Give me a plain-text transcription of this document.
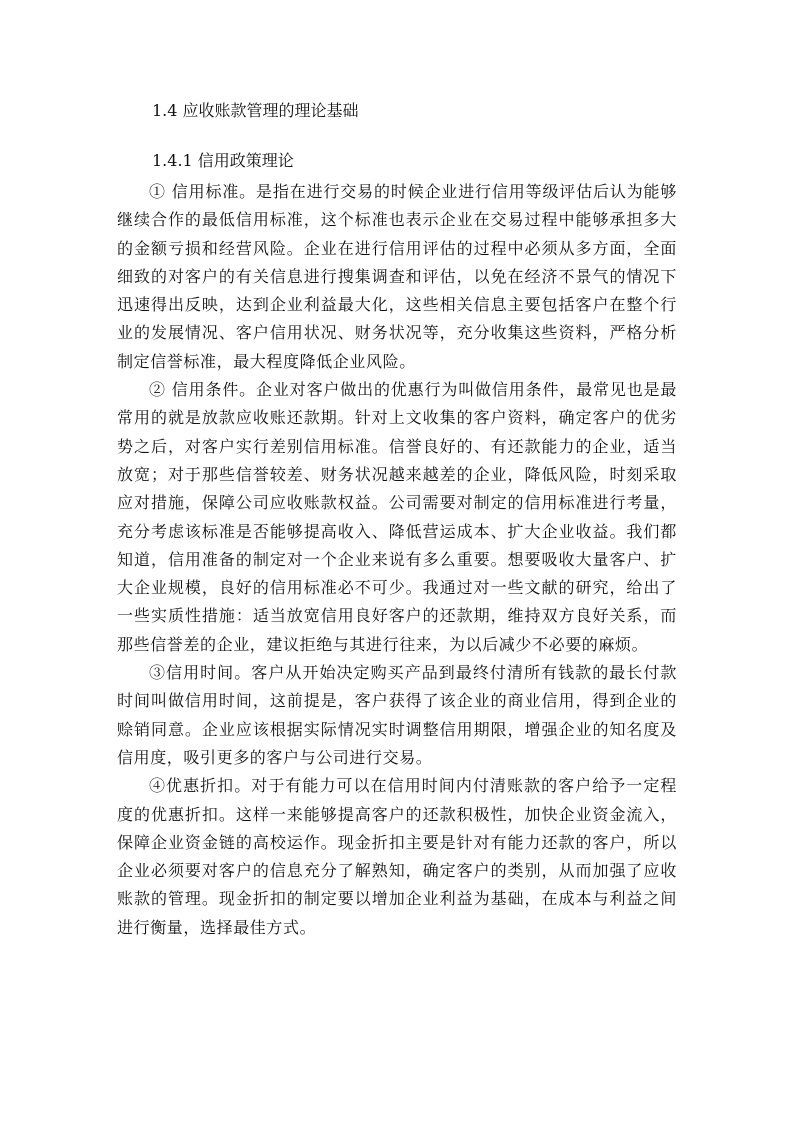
1.4 应收账款管理的理论基础
1.4.1 信用政策理论

① 信用标准。是指在进行交易的时候企业进行信用等级评估后认为能够继续合作的最低信用标准，这个标准也表示企业在交易过程中能够承担多大的金额亏损和经营风险。企业在进行信用评估的过程中必须从多方面，全面细致的对客户的有关信息进行搜集调查和评估，以免在经济不景气的情况下迅速得出反映，达到企业利益最大化，这些相关信息主要包括客户在整个行业的发展情况、客户信用状况、财务状况等，充分收集这些资料，严格分析制定信誉标准，最大程度降低企业风险。

② 信用条件。企业对客户做出的优惠行为叫做信用条件，最常见也是最常用的就是放款应收账还款期。针对上文收集的客户资料，确定客户的优劣势之后，对客户实行差别信用标准。信誉良好的、有还款能力的企业，适当放宽；对于那些信誉较差、财务状况越来越差的企业，降低风险，时刻采取应对措施，保障公司应收账款权益。公司需要对制定的信用标准进行考量，充分考虑该标准是否能够提高收入、降低营运成本、扩大企业收益。我们都知道，信用准备的制定对一个企业来说有多么重要。想要吸收大量客户、扩大企业规模，良好的信用标准必不可少。我通过对一些文献的研究，给出了一些实质性措施：适当放宽信用良好客户的还款期，维持双方良好关系，而那些信誉差的企业，建议拒绝与其进行往来，为以后减少不必要的麻烦。

③信用时间。客户从开始决定购买产品到最终付清所有钱款的最长付款时间叫做信用时间，这前提是，客户获得了该企业的商业信用，得到企业的赊销同意。企业应该根据实际情况实时调整信用期限，增强企业的知名度及信用度，吸引更多的客户与公司进行交易。

④优惠折扣。对于有能力可以在信用时间内付清账款的客户给予一定程度的优惠折扣。这样一来能够提高客户的还款积极性，加快企业资金流入，保障企业资金链的高校运作。现金折扣主要是针对有能力还款的客户，所以企业必须要对客户的信息充分了解熟知，确定客户的类别，从而加强了应收账款的管理。现金折扣的制定要以增加企业利益为基础，在成本与利益之间进行衡量，选择最佳方式。
